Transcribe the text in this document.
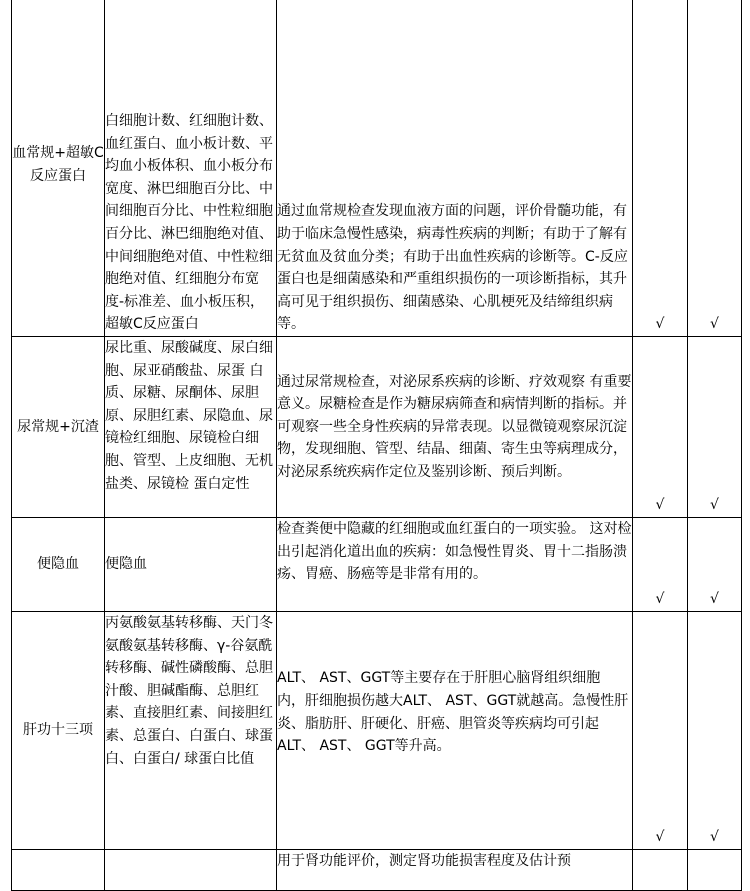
血常规+超敏C反应蛋白	白细胞计数、红细胞计数、血红蛋白、血小板计数、平均血小板体积、血小板分布宽度、淋巴细胞百分比、中间细胞百分比、中性粒细胞百分比、淋巴细胞绝对值、中间细胞绝对值、中性粒细胞绝对值、红细胞分布宽度-标准差、血小板压积，超敏C反应蛋白	通过血常规检查发现血液方面的问题，评价骨髓功能，有助于临床急慢性感染，病毒性疾病的判断；有助于了解有无贫血及贫血分类；有助于出血性疾病的诊断等。C-反应蛋白也是细菌感染和严重组织损伤的一项诊断指标，其升高可见于组织损伤、细菌感染、心肌梗死及结缔组织病等。	√	√
尿常规+沉渣	尿比重、尿酸碱度、尿白细胞、尿亚硝酸盐、尿蛋 白质、尿糖、尿酮体、尿胆原、尿胆红素、尿隐血、尿镜检红细胞、尿镜检白细胞、管型、上皮细胞、无机盐类、尿镜检 蛋白定性	通过尿常规检查，对泌尿系疾病的诊断、疗效观察 有重要意义。尿糖检查是作为糖尿病筛查和病情判断的指标。并可观察一些全身性疾病的异常表现。以显微镜观察尿沉淀 物，发现细胞、管型、结晶、细菌、寄生虫等病理成分，对泌尿系统疾病作定位及鉴别诊断、预后判断。	√	√
便隐血	便隐血	检查粪便中隐藏的红细胞或血红蛋白的一项实验。 这对检出引起消化道出血的疾病：如急慢性胃炎、胃十二指肠溃疡、胃癌、肠癌等是非常有用的。	√	√
肝功十三项	丙氨酸氨基转移酶、天门冬氨酸氨基转移酶、γ-谷氨酰 转移酶、碱性磷酸酶、总胆汁酸、胆碱酯酶、总胆红素、直接胆红素、间接胆红素、总蛋白、白蛋白、球蛋白、白蛋白/ 球蛋白比值	ALT、 AST、GGT等主要存在于肝胆心脑肾组织细胞 内，肝细胞损伤越大ALT、 AST、GGT就越高。急慢性肝炎、脂肪肝、肝硬化、肝癌、胆管炎等疾病均可引起ALT、 AST、 GGT等升高。	√	√
		用于肾功能评价，测定肾功能损害程度及估计预		
